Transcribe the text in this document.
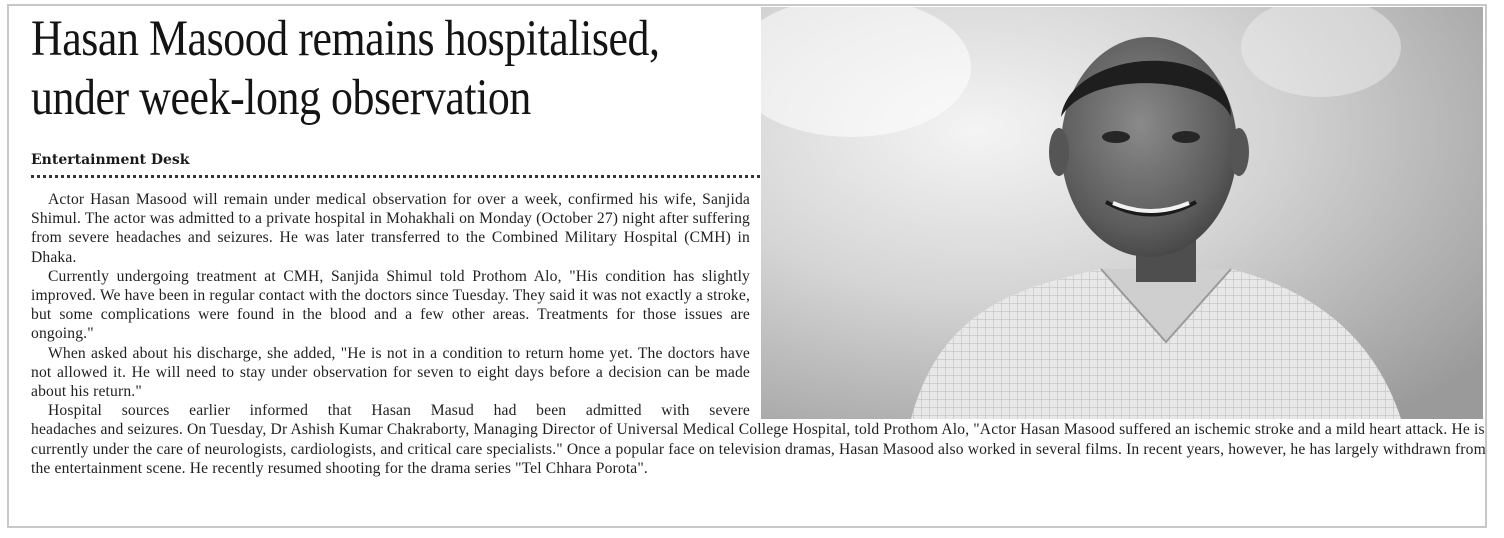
Hasan Masood remains hospitalised,
under week-long observation
Entertainment Desk

Actor Hasan Masood will remain under medical observation for over a week, confirmed his wife, Sanjida Shimul. The actor was admitted to a private hospital in Mohakhali on Monday (October 27) night after suffering from severe headaches and seizures. He was later transferred to the Combined Military Hospital (CMH) in Dhaka.

Currently undergoing treatment at CMH, Sanjida Shimul told Prothom Alo, "His condition has slightly improved. We have been in regular contact with the doctors since Tuesday. They said it was not exactly a stroke, but some complications were found in the blood and a few other areas. Treatments for those issues are ongoing."

When asked about his discharge, she added, "He is not in a condition to return home yet. The doctors have not allowed it. He will need to stay under observation for seven to eight days before a decision can be made about his return."

Hospital sources earlier informed that Hasan Masud had been admitted with severe

headaches and seizures. On Tuesday, Dr Ashish Kumar Chakraborty, Managing Director of Universal Medical College Hospital, told Prothom Alo, "Actor Hasan Masood suffered an ischemic stroke and a mild heart attack. He is currently under the care of neurologists, cardiologists, and critical care specialists." Once a popular face on television dramas, Hasan Masood also worked in several films. In recent years, however, he has largely withdrawn from the entertainment scene. He recently resumed shooting for the drama series "Tel Chhara Porota".
